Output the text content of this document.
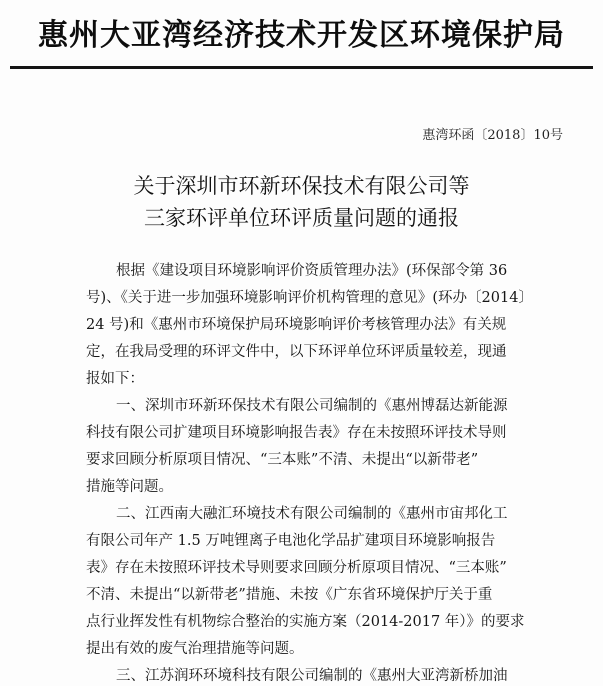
惠州大亚湾经济技术开发区环境保护局
惠湾环函〔2018〕10号
关于深圳市环新环保技术有限公司等
三家环评单位环评质量问题的通报
根据《建设项目环境影响评价资质管理办法》(环保部令第 36
号)、《关于进一步加强环境影响评价机构管理的意见》(环办〔2014〕
24 号)和《惠州市环境保护局环境影响评价考核管理办法》有关规
定，在我局受理的环评文件中，以下环评单位环评质量较差，现通
报如下：
一、深圳市环新环保技术有限公司编制的《惠州博磊达新能源
科技有限公司扩建项目环境影响报告表》存在未按照环评技术导则
要求回顾分析原项目情况、“三本账”不清、未提出“以新带老”
措施等问题。
二、江西南大融汇环境技术有限公司编制的《惠州市宙邦化工
有限公司年产 1.5 万吨锂离子电池化学品扩建项目环境影响报告
表》存在未按照环评技术导则要求回顾分析原项目情况、“三本账”
不清、未提出“以新带老”措施、未按《广东省环境保护厅关于重
点行业挥发性有机物综合整治的实施方案（2014-2017 年）》的要求
提出有效的废气治理措施等问题。
三、江苏润环环境科技有限公司编制的《惠州大亚湾新桥加油
